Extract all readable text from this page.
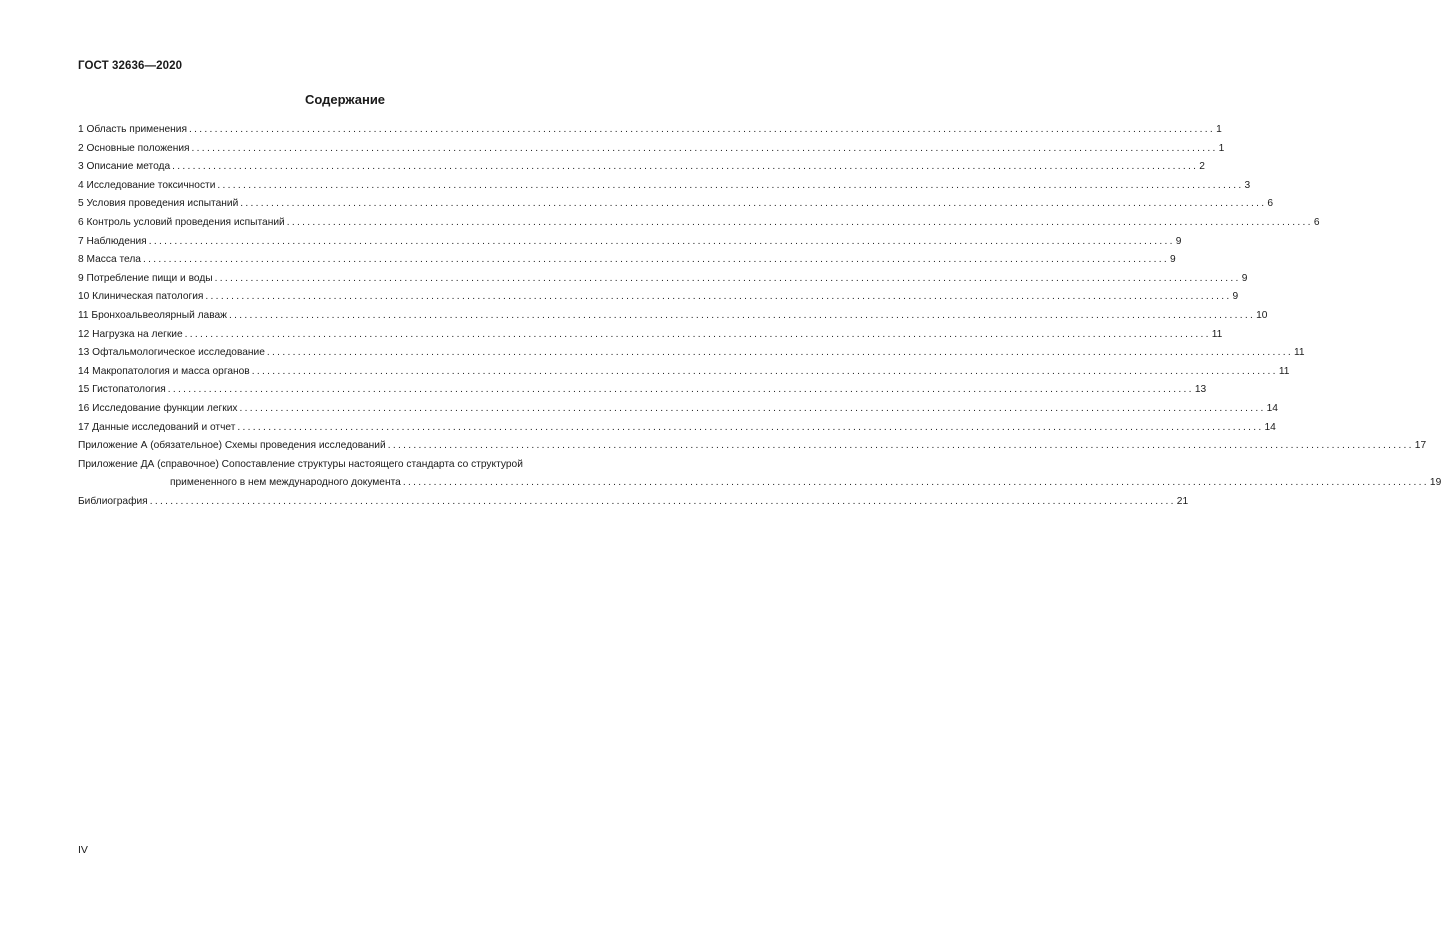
ГОСТ 32636—2020
Содержание
1 Область применения ........................................................................................................................................................................................................ 1
2 Основные положения ........................................................................................................................................................................................................ 1
3 Описание метода ........................................................................................................................................................................................................ 2
4 Исследование токсичности ........................................................................................................................................................................................................ 3
5 Условия проведения испытаний ........................................................................................................................................................................................................ 6
6 Контроль условий проведения испытаний ........................................................................................................................................................................................................ 6
7 Наблюдения ........................................................................................................................................................................................................ 9
8 Масса тела ........................................................................................................................................................................................................ 9
9 Потребление пищи и воды ........................................................................................................................................................................................................ 9
10 Клиническая патология ........................................................................................................................................................................................................ 9
11 Бронхоальвеолярный лаваж ........................................................................................................................................................................................................ 10
12 Нагрузка на легкие ........................................................................................................................................................................................................ 11
13 Офтальмологическое исследование ........................................................................................................................................................................................................ 11
14 Макропатология и масса органов ........................................................................................................................................................................................................ 11
15 Гистопатология ........................................................................................................................................................................................................ 13
16 Исследование функции легких ........................................................................................................................................................................................................ 14
17 Данные исследований и отчет ........................................................................................................................................................................................................ 14
Приложение А (обязательное) Схемы проведения исследований ........................................................................................................................................................................................................ 17
Приложение ДА (справочное) Сопоставление структуры настоящего стандарта со структурой
примененного в нем международного документа ........................................................................................................................................................................................................ 19
Библиография ........................................................................................................................................................................................................ 21
IV
